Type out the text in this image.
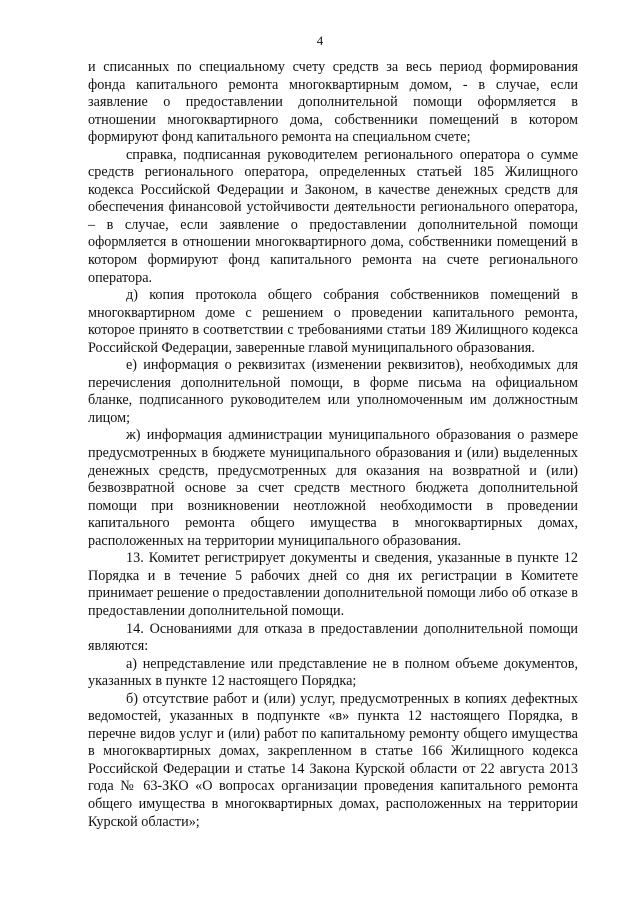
4

и списанных по специальному счету средств за весь период формирования фонда капитального ремонта многоквартирным домом, - в случае, если заявление о предоставлении дополнительной помощи оформляется в отношении многоквартирного дома, собственники помещений в котором формируют фонд капитального ремонта на специальном счете;

справка, подписанная руководителем регионального оператора о сумме средств регионального оператора, определенных статьей 185 Жилищного кодекса Российской Федерации и Законом, в качестве денежных средств для обеспечения финансовой устойчивости деятельности регионального оператора, – в случае, если заявление о предоставлении дополнительной помощи оформляется в отношении многоквартирного дома, собственники помещений в котором формируют фонд капитального ремонта на счете регионального оператора.

д) копия протокола общего собрания собственников помещений в многоквартирном доме с решением о проведении капитального ремонта, которое принято в соответствии с требованиями статьи 189 Жилищного кодекса Российской Федерации, заверенные главой муниципального образования.

е) информация о реквизитах (изменении реквизитов), необходимых для перечисления дополнительной помощи, в форме письма на официальном бланке, подписанного руководителем или уполномоченным им должностным лицом;

ж) информация администрации муниципального образования о размере предусмотренных в бюджете муниципального образования и (или) выделенных денежных средств, предусмотренных для оказания на возвратной и (или) безвозвратной основе за счет средств местного бюджета дополнительной помощи при возникновении неотложной необходимости в проведении капитального ремонта общего имущества в многоквартирных домах, расположенных на территории муниципального образования.

13. Комитет регистрирует документы и сведения, указанные в пункте 12 Порядка и в течение 5 рабочих дней со дня их регистрации в Комитете принимает решение о предоставлении дополнительной помощи либо об отказе в предоставлении дополнительной помощи.

14. Основаниями для отказа в предоставлении дополнительной помощи являются:

а) непредставление или представление не в полном объеме документов, указанных в пункте 12 настоящего Порядка;

б) отсутствие работ и (или) услуг, предусмотренных в копиях дефектных ведомостей, указанных в подпункте «в» пункта 12 настоящего Порядка, в перечне видов услуг и (или) работ по капитальному ремонту общего имущества в многоквартирных домах, закрепленном в статье 166 Жилищного кодекса Российской Федерации и статье 14 Закона Курской области от 22 августа 2013 года № 63-ЗКО «О вопросах организации проведения капитального ремонта общего имущества в многоквартирных домах, расположенных на территории Курской области»;
